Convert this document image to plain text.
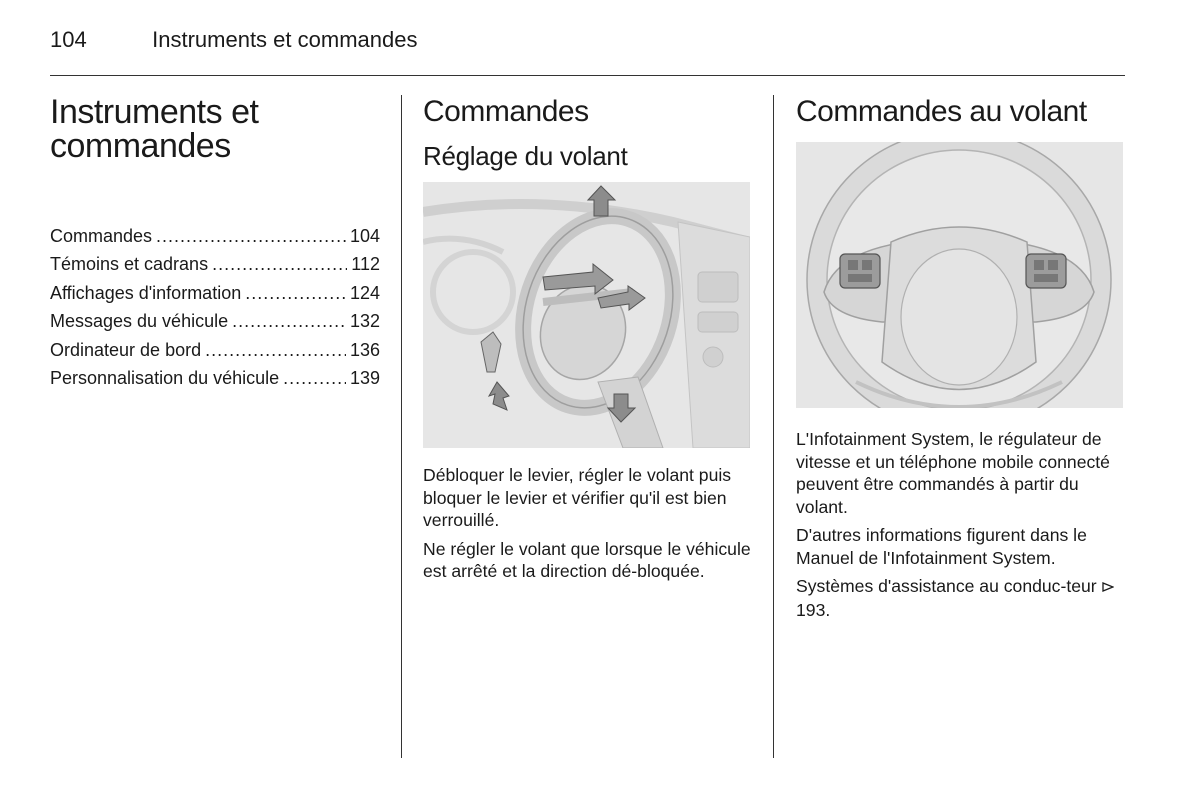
104	Instruments et commandes
Instruments et
commandes
Commandes .....	104
Témoins et cadrans .....	112
Affichages d'information .....	124
Messages du véhicule .....	132
Ordinateur de bord .....	136
Personnalisation du véhicule .....	139
Commandes
Réglage du volant

Débloquer le levier, régler le volant puis bloquer le levier et vérifier qu'il est bien verrouillé.

Ne régler le volant que lorsque le véhicule est arrêté et la direction dé-bloquée.

Commandes au volant

L'Infotainment System, le régulateur de vitesse et un téléphone mobile connecté peuvent être commandés à partir du volant.

D'autres informations figurent dans le Manuel de l'Infotainment System.

Systèmes d'assistance au conduc-teur  193.
